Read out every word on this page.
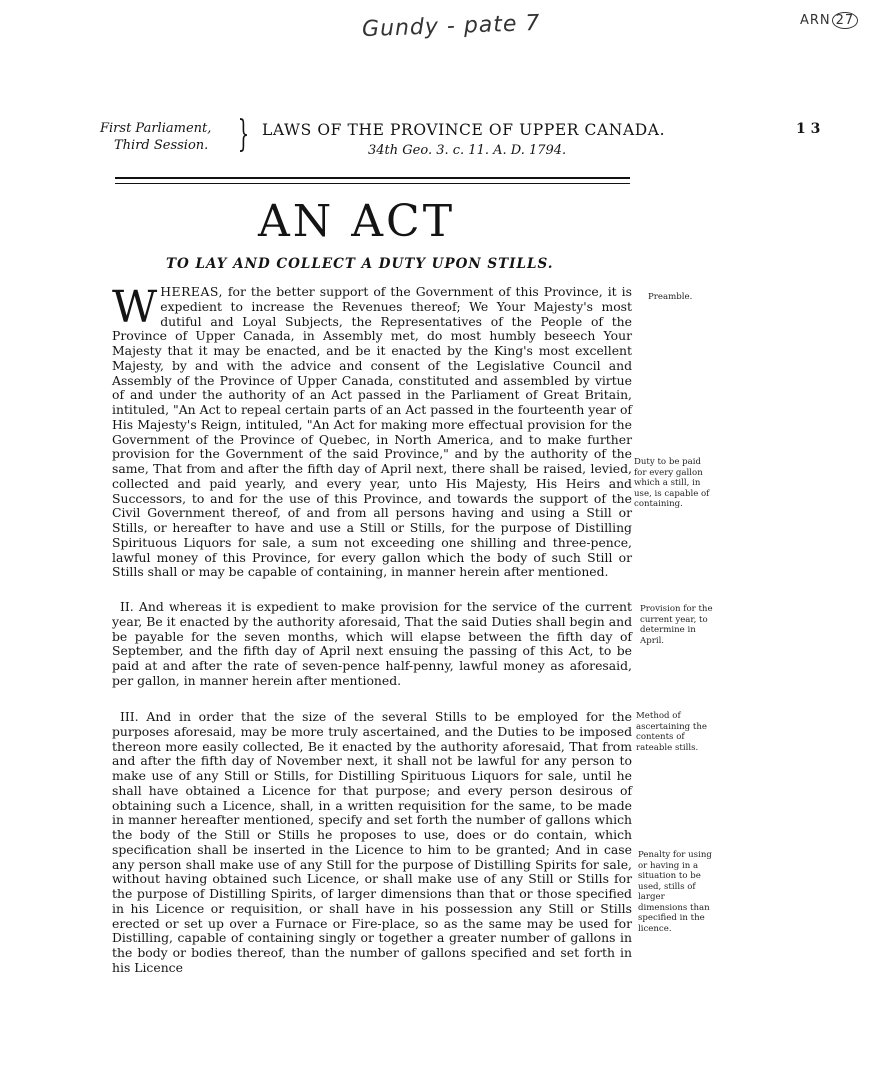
Gundy - pate 7	ARN 27
First Parliament,
Third Session. } LAWS OF THE PROVINCE OF UPPER CANADA.
34th Geo. 3. c. 11. A. D. 1794.
1 3
AN ACT
TO LAY AND COLLECT A DUTY UPON STILLS.

WHEREAS, for the better support of the Government of this Province, it is expedient to increase the Revenues thereof; We Your Majesty's most dutiful and Loyal Subjects, the Representatives of the People of the Province of Upper Canada, in Assembly met, do most humbly beseech Your Majesty that it may be enacted, and be it enacted by the King's most excellent Majesty, by and with the advice and consent of the Legislative Council and Assembly of the Province of Upper Canada, constituted and assembled by virtue of and under the authority of an Act passed in the Parliament of Great Britain, intituled, "An Act to repeal certain parts of an Act passed in the fourteenth year of His Majesty's Reign, intituled, "An Act for making more effectual provision for the Government of the Province of Quebec, in North America, and to make further provision for the Government of the said Province," and by the authority of the same, That from and after the fifth day of April next, there shall be raised, levied, collected and paid yearly, and every year, unto His Majesty, His Heirs and Successors, to and for the use of this Province, and towards the support of the Civil Government thereof, of and from all persons having and using a Still or Stills, or hereafter to have and use a Still or Stills, for the purpose of Distilling Spirituous Liquors for sale, a sum not exceeding one shilling and three-pence, lawful money of this Province, for every gallon which the body of such Still or Stills shall or may be capable of containing, in manner herein after mentioned.

II. And whereas it is expedient to make provision for the service of the current year, Be it enacted by the authority aforesaid, That the said Duties shall begin and be payable for the seven months, which will elapse between the fifth day of September, and the fifth day of April next ensuing the passing of this Act, to be paid at and after the rate of seven-pence half-penny, lawful money as aforesaid, per gallon, in manner herein after mentioned.

III. And in order that the size of the several Stills to be employed for the purposes aforesaid, may be more truly ascertained, and the Duties to be imposed thereon more easily collected, Be it enacted by the authority aforesaid, That from and after the fifth day of November next, it shall not be lawful for any person to make use of any Still or Stills, for Distilling Spirituous Liquors for sale, until he shall have obtained a Licence for that purpose; and every person desirous of obtaining such a Licence, shall, in a written requisition for the same, to be made in manner hereafter mentioned, specify and set forth the number of gallons which the body of the Still or Stills he proposes to use, does or do contain, which specification shall be inserted in the Licence to him to be granted; And in case any person shall make use of any Still for the purpose of Distilling Spirits for sale, without having obtained such Licence, or shall make use of any Still or Stills for the purpose of Distilling Spirits, of larger dimensions than that or those specified in his Licence or requisition, or shall have in his possession any Still or Stills erected or set up over a Furnace or Fire-place, so as the same may be used for Distilling, capable of containing singly or together a greater number of gallons in the body or bodies thereof, than the number of gallons specified and set forth in his Licence

Preamble.
Duty to be paid for every gallon which a still, in use, is capable of containing.
Provision for the current year, to determine in April.
Method of ascertaining the contents of rateable stills.
Penalty for using or having in a situation to be used, stills of larger dimensions than specified in the licence.
